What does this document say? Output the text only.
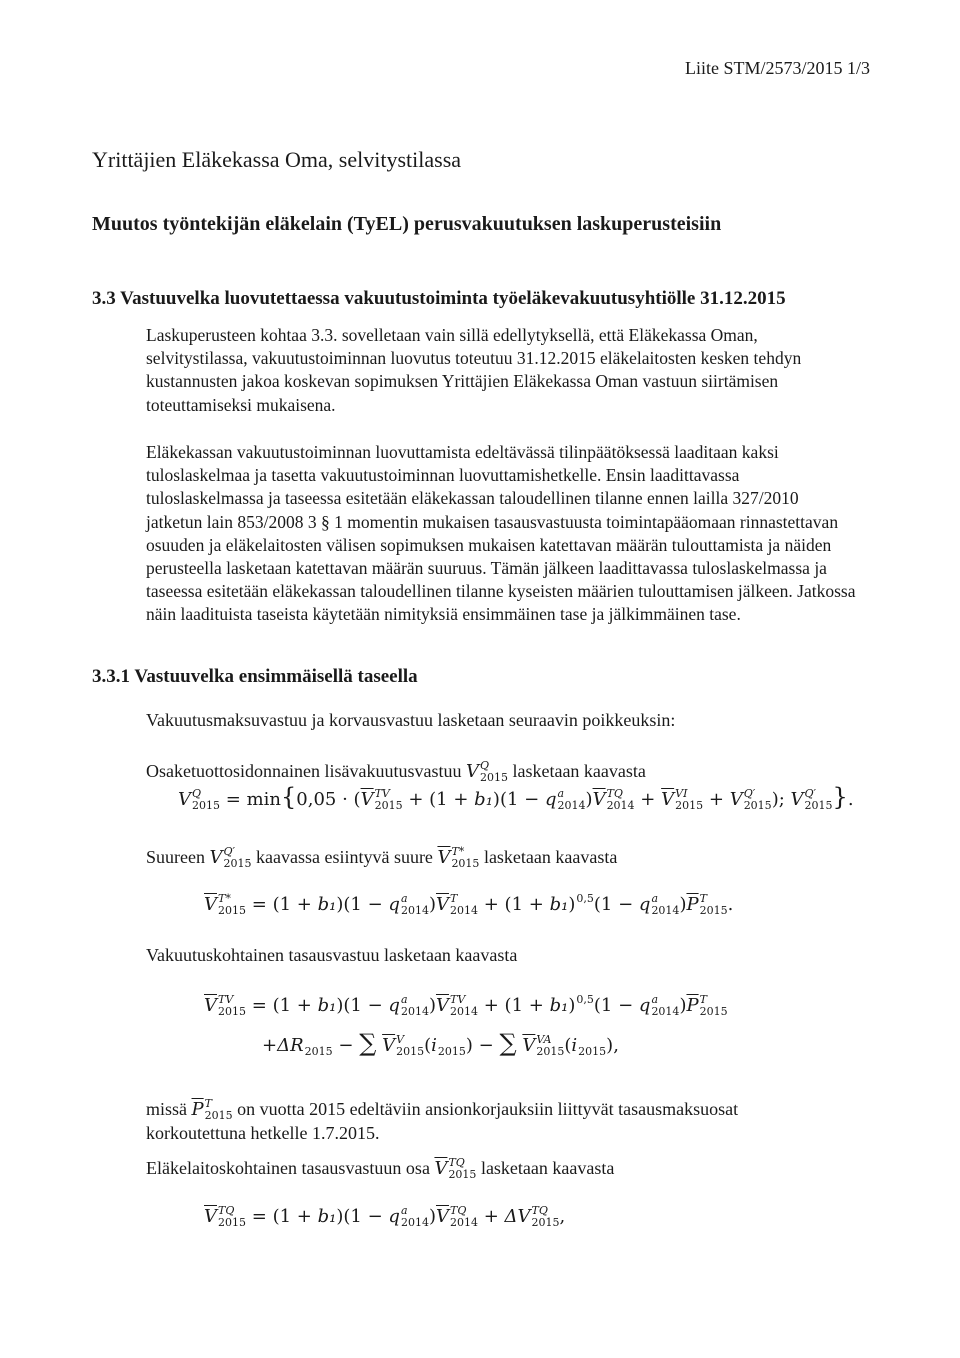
Liite STM/2573/2015 1/3
Yrittäjien Eläkekassa Oma, selvitystilassa
Muutos työntekijän eläkelain (TyEL) perusvakuutuksen laskuperusteisiin
3.3 Vastuuvelka luovutettaessa vakuutustoiminta työeläkevakuutusyhtiölle 31.12.2015
Laskuperusteen kohtaa 3.3. sovelletaan vain sillä edellytyksellä, että Eläkekassa Oman, selvitystilassa, vakuutustoiminnan luovutus toteutuu 31.12.2015 eläkelaitosten kesken tehdyn kustannusten jakoa koskevan sopimuksen Yrittäjien Eläkekassa Oman vastuun siirtämisen toteuttamiseksi mukaisena.
Eläkekassan vakuutustoiminnan luovuttamista edeltävässä tilinpäätöksessä laaditaan kaksi tuloslaskelmaa ja tasetta vakuutustoiminnan luovuttamishetkelle. Ensin laadittavassa tuloslaskelmassa ja taseessa esitetään eläkekassan taloudellinen tilanne ennen lailla 327/2010 jatketun lain 853/2008 3 § 1 momentin mukaisen tasausvastuusta toimintapääomaan rinnastettavan osuuden ja eläkelaitosten välisen sopimuksen mukaisen katettavan määrän tulouttamista ja näiden perusteella lasketaan katettavan määrän suuruus. Tämän jälkeen laadittavassa tuloslaskelmassa ja taseessa esitetään eläkekassan taloudellinen tilanne kyseisten määrien tulouttamisen jälkeen. Jatkossa näin laadituista taseista käytetään nimityksiä ensimmäinen tase ja jälkimmäinen tase.
3.3.1 Vastuuvelka ensimmäisellä taseella
Vakuutusmaksuvastuu ja korvausvastuu lasketaan seuraavin poikkeuksin:
Osaketuottosidonnainen lisävakuutusvastuu V Q
2015 lasketaan kaavasta
V Q
$2015 = \min\{0,05 \cdot (\overline{V}$ TV
2015 + (1 + b₁)(1 − q a
2014 )$\overline{V}$ TQ
$2014 + \overline{V}$ VI
2015 + V Q′
2015 ); V Q′
2015 }.
Suureen V Q′
2015 kaavassa esiintyvä suure $\overline{V}$ T*
2015 lasketaan kaavasta
$\overline{V}$ T*
2015 = (1 + b₁)(1 − q a
2014 )$\overline{V}$ T
2014 + (1 + b₁) 0,5
(1 − q a
2014 )$\overline{P}$ T
2015 .
Vakuutuskohtainen tasausvastuu lasketaan kaavasta
$\overline{V}$ TV
2015 = (1 + b₁)(1 − q a
2014 )$\overline{V}$ TV
2014 + (1 + b₁) 0,5
(1 − q a
2014 )$\overline{P}$ T
2015
+ΔR
2015 − ∑ $\overline{V}$ V
2015 (i
2015 ) − ∑ $\overline{V}$ VA
2015 (i
2015 ),
missä $\overline{P}$ T
2015 on vuotta 2015 edeltäviin ansionkorjauksiin liittyvät tasausmaksuosat
korkoutettuna hetkelle 1.7.2015.
Eläkelaitoskohtainen tasausvastuun osa $\overline{V}$ TQ
2015 lasketaan kaavasta
$\overline{V}$ TQ
2015 = (1 + b₁)(1 − q a
2014 )$\overline{V}$ TQ
2014 + ΔV TQ
2015 ,
